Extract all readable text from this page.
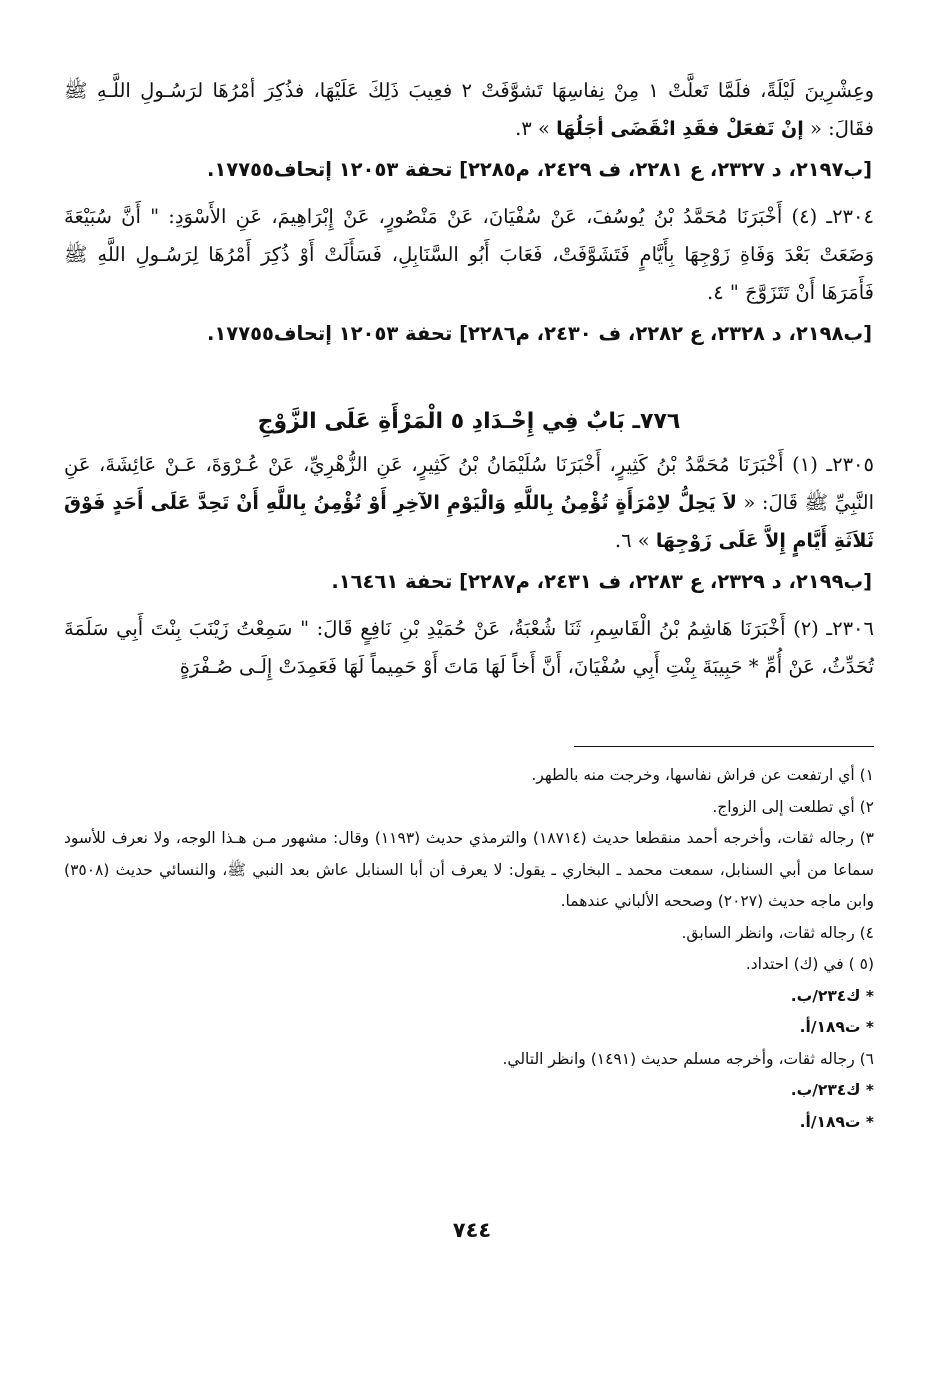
وعِشْرِينَ لَيْلَةً، فلَمَّا تَعلَّتْ ١ مِنْ نِفاسِهَا تَشوَّفَتْ ٢ فعِيبَ ذَلِكَ عَلَيْهَا، فذُكِرَ أمْرُهَا لرَسُـولِ اللَّـهِ ﷺ فقَالَ: « إنْ تَفعَلْ فقَدِ انْقَضَى أجَلُهَا » ٣.
[ب٢١٩٧، د ٢٣٢٧، ع ٢٢٨١، ف ٢٤٢٩، م٢٢٨٥] تحفة ١٢٠٥٣ إتحاف١٧٧٥٥.
٢٣٠٤ـ (٤) أَخْبَرَنَا مُحَمَّدُ بْنُ يُوسُفَ، عَنْ سُفْيَانَ، عَنْ مَنْصُورٍ، عَنْ إِبْرَاهِيمَ، عَنِ الأَسْوَدِ: " أَنَّ سُبَيْعَةَ وَضَعَتْ بَعْدَ وَفَاةِ زَوْجِهَا بِأَيَّامٍ فَتَشَوَّفَتْ، فَعَابَ أَبُو السَّنَابِلِ، فَسَأَلَتْ أَوْ ذُكِرَ أَمْرُهَا لِرَسُـولِ اللَّهِ ﷺ فَأَمَرَهَا أَنْ تَتَزَوَّجَ " ٤.
[ب٢١٩٨، د ٢٣٢٨، ع ٢٢٨٢، ف ٢٤٣٠، م٢٢٨٦] تحفة ١٢٠٥٣ إتحاف١٧٧٥٥.
٧٧٦ـ بَابٌ فِي إِحْـدَادِ ٥ الْمَرْأَةِ عَلَى الزَّوْجِ
٢٣٠٥ـ (١) أَخْبَرَنَا مُحَمَّدُ بْنُ كَثِيرٍ، أَخْبَرَنَا سُلَيْمَانُ بْنُ كَثِيرٍ، عَنِ الزُّهْرِيِّ، عَنْ عُـرْوَةَ، عَـنْ عَائِشَةَ، عَنِ النَّبِيِّ ﷺ قَالَ: « لاَ يَحِلُّ لاِمْرَأَةٍ تُؤْمِنُ بِاللَّهِ وَالْيَوْمِ الآخِرِ أَوْ تُؤْمِنُ بِاللَّهِ أَنْ تَحِدَّ عَلَى أَحَدٍ فَوْقَ ثَلاَثَةِ أَيَّامٍ إِلاَّ عَلَى زَوْجِهَا » ٦.
[ب٢١٩٩، د ٢٣٢٩، ع ٢٢٨٣، ف ٢٤٣١، م٢٢٨٧] تحفة ١٦٤٦١.
٢٣٠٦ـ (٢) أَخْبَرَنَا هَاشِمُ بْنُ الْقَاسِمِ، ثَنَا شُعْبَةُ، عَنْ حُمَيْدِ بْنِ نَافِعٍ قَالَ: " سَمِعْتُ زَيْنَبَ بِنْتَ أَبِي سَلَمَةَ تُحَدِّثُ، عَنْ أُمِّ * حَبِيبَةَ بِنْتِ أَبِي سُفْيَانَ، أَنَّ أَخاً لَهَا مَاتَ أَوْ حَمِيماً لَهَا فَعَمِدَتْ إِلَـى صُـفْرَةٍ
١) أي ارتفعت عن فراش نفاسها، وخرجت منه بالطهر.
٢) أي تطلعت إلى الزواج.
٣) رجاله ثقات، وأخرجه أحمد منقطعا حديث (١٨٧١٤) والترمذي حديث (١١٩٣) وقال: مشهور مـن هـذا الوجه، ولا نعرف للأسود سماعا من أبي السنابل، سمعت محمد ـ البخاري ـ يقول: لا يعرف أن أبا السنابل عاش بعد النبي ﷺ، والنسائي حديث (٣٥٠٨) وابن ماجه حديث (٢٠٢٧) وصححه الألباني عندهما.
٤) رجاله ثقات، وانظر السابق.
(٥ ) في (ك) احتداد.
* ك٢٣٤/ب.
* ت١٨٩/أ.
٦) رجاله ثقات، وأخرجه مسلم حديث (١٤٩١) وانظر التالي.
* ك٢٣٤/ب.
* ت١٨٩/أ.
٧٤٤
